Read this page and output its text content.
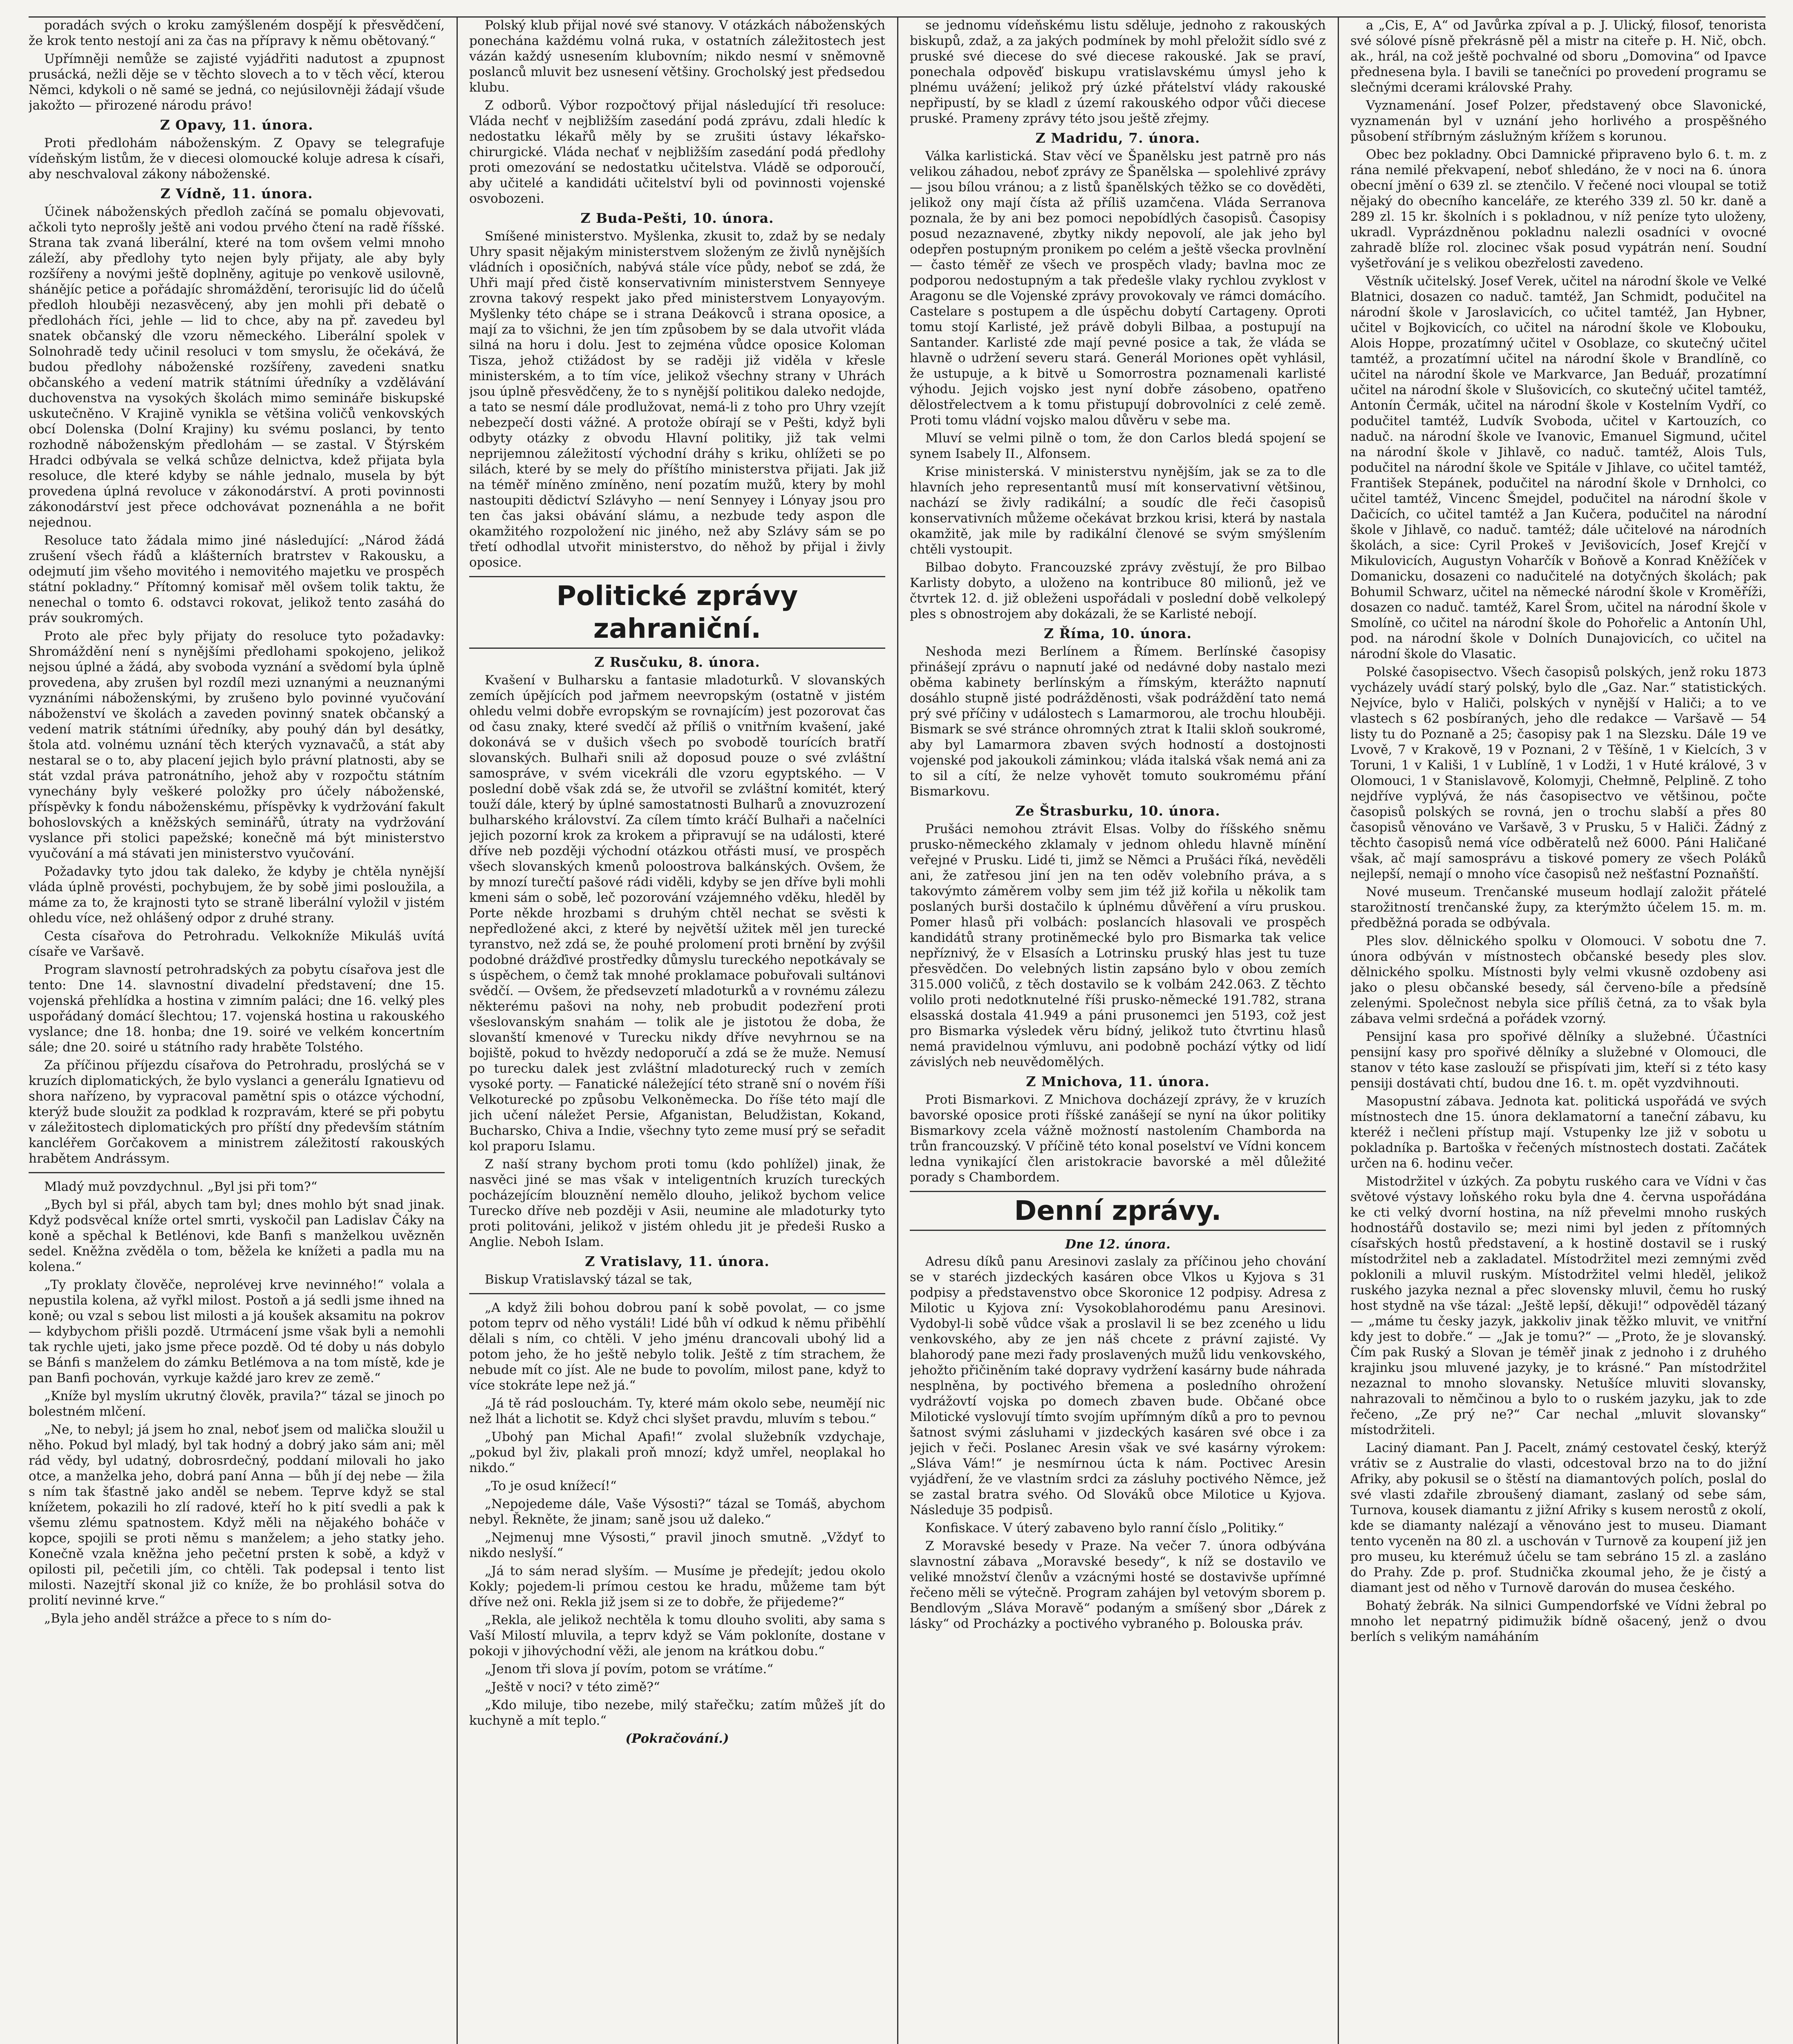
poradách svých o kroku zamýšleném dospějí k přesvědčení, že krok tento nestojí ani za čas na přípravy k němu obětovaný.“

Upřímněji nemůže se zajisté vyjádřiti nadutost a zpupnost prusácká, nežli děje se v těchto slovech a to v těch věcí, kterou Němci, kdykoli o ně samé se jedná, co nejúsilovněji žádají všude jakožto — přirozené národu právo!

Z Opavy, 11. února.

Proti předlohám náboženským. Z Opavy se telegrafuje vídeňským listům, že v diecesi olomoucké koluje adresa k císaři, aby neschvaloval zákony náboženské.

Z Vídně, 11. února.

Účinek náboženských předloh začíná se pomalu objevovati, ačkoli tyto neprošly ještě ani vodou prvého čtení na radě říšské. Strana tak zvaná liberální, které na tom ovšem velmi mnoho záleží, aby předlohy tyto nejen byly přijaty, ale aby byly rozšířeny a novými ještě doplněny, agituje po venkově usilovně, shánějíc petice a pořádajíc shromáždění, terorisujíc lid do účelů předloh hlouběji nezasvěcený, aby jen mohli při debatě o předlohách říci, jehle — lid to chce, aby na př. zavedeu byl snatek občanský dle vzoru německého. Liberální spolek v Solnohradě tedy učinil resoluci v tom smyslu, že očekává, že budou předlohy náboženské rozšířeny, zavedeni snatku občanského a vedení matrik státními úředníky a vzdělávání duchovenstva na vysokých školách mimo semináře biskupské uskutečněno. V Krajině vynikla se většina voličů venkovských obcí Dolenska (Dolní Krajiny) ku svému poslanci, by tento rozhodně náboženským předlohám — se zastal. V Štýrském Hradci odbývala se velká schůze delnictva, kdež přijata byla resoluce, dle které kdyby se náhle jednalo, musela by být provedena úplná revoluce v zákonodárství. A proti povinnosti zákonodárství jest přece odchovávat poznenáhla a ne bořit nejednou.

Resoluce tato žádala mimo jiné následující: „Národ žádá zrušení všech řádů a klášterních bratrstev v Rakousku, a odejmutí jim všeho movitého i nemovitého majetku ve prospěch státní pokladny.“ Přítomný komisař měl ovšem tolik taktu, že nenechal o tomto 6. odstavci rokovat, jelikož tento zasáhá do práv soukromých.

Proto ale přec byly přijaty do resoluce tyto požadavky: Shromáždění není s nynějšími předlohami spokojeno, jelikož nejsou úplné a žádá, aby svoboda vyznání a svědomí byla úplně provedena, aby zrušen byl rozdíl mezi uznanými a neuznanými vyznáními náboženskými, by zrušeno bylo povinné vyučování náboženství ve školách a zaveden povinný snatek občanský a vedení matrik státními úředníky, aby pouhý dán byl desátky, štola atd. volnému uznání těch kterých vyznavačů, a stát aby nestaral se o to, aby placení jejich bylo právní platnosti, aby se stát vzdal práva patronátního, jehož aby v rozpočtu státním vynechány byly veškeré položky pro účely náboženské, příspěvky k fondu náboženskému, příspěvky k vydržování fakult bohoslovských a kněžských seminářů, útraty na vydržování vyslance při stolici papežské; konečně má být ministerstvo vyučování a má stávati jen ministerstvo vyučování.

Požadavky tyto jdou tak daleko, že kdyby je chtěla nynější vláda úplně provésti, pochybujem, že by sobě jimi posloužila, a máme za to, že krajnosti tyto se straně liberální vyložil v jistém ohledu více, než ohlášený odpor z druhé strany.

Cesta císařova do Petrohradu. Velkokníže Mikuláš uvítá císaře ve Varšavě.

Program slavností petrohradských za pobytu císařova jest dle tento: Dne 14. slavnostní divadelní představení; dne 15. vojenská přehlídka a hostina v zimním paláci; dne 16. velký ples uspořádaný domácí šlechtou; 17. vojenská hostina u rakouského vyslance; dne 18. honba; dne 19. soiré ve velkém koncertním sále; dne 20. soiré u státního rady hraběte Tolstého.

Za příčinou příjezdu císařova do Petrohradu, proslýchá se v kruzích diplomatických, že bylo vyslanci a generálu Ignatievu od shora nařízeno, by vypracoval pamětní spis o otázce východní, kterýž bude sloužit za podklad k rozpravám, které se při pobytu v záležitostech diplomatických pro příští dny především státním kancléřem Gorčakovem a ministrem záležitostí rakouských hrabětem Andrássym.

Mladý muž povzdychnul. „Byl jsi při tom?“

„Bych byl si přál, abych tam byl; dnes mohlo být snad jinak. Když podsvěcal kníže ortel smrti, vyskočil pan Ladislav Čáky na koně a spěchal k Betlénovi, kde Banfi s manželkou uvězněn sedel. Kněžna zvěděla o tom, běžela ke knížeti a padla mu na kolena.“

„Ty proklaty člověče, neprolévej krve nevinného!“ volala a nepustila kolena, až vyřkl milost. Postoň a já sedli jsme ihned na koně; ou vzal s sebou list milosti a já koušek aksamitu na pokrov — kdybychom přišli pozdě. Utrmácení jsme však byli a nemohli tak rychle ujeti, jako jsme přece pozdě. Od té doby u nás dobylo se Bánfi s manželem do zámku Betlémova a na tom místě, kde je pan Banfi pochován, vyrkuje každé jaro krev ze země.“

„Kníže byl myslím ukrutný člověk, pravila?“ tázal se jinoch po bolestném mlčení.

„Ne, to nebyl; já jsem ho znal, neboť jsem od malička sloužil u něho. Pokud byl mladý, byl tak hodný a dobrý jako sám ani; měl rád vědy, byl udatný, dobrosrdečný, poddaní milovali ho jako otce, a manželka jeho, dobrá paní Anna — bůh jí dej nebe — žila s ním tak šťastně jako anděl se nebem. Teprve když se stal knížetem, pokazili ho zlí radové, kteří ho k pití svedli a pak k všemu zlému spatnostem. Když měli na nějakého boháče v kopce, spojili se proti němu s manželem; a jeho statky jeho. Konečně vzala kněžna jeho pečetní prsten k sobě, a když v opilosti pil, pečetili jím, co chtěli. Tak podepsal i tento list milosti. Nazejtří skonal již co kníže, že bo prohlásil sotva do prolití nevinné krve.“

„Byla jeho anděl strážce a přece to s ním do-

Polský klub přijal nové své stanovy. V otázkách náboženských ponechána každému volná ruka, v ostatních záležitostech jest vázán každý usnesením klubovním; nikdo nesmí v sněmovně poslanců mluvit bez usnesení většiny. Grocholský jest předsedou klubu.

Z odborů. Výbor rozpočtový přijal následující tři resoluce: Vláda nechť v nejbližším zasedání podá zprávu, zdali hledíc k nedostatku lékařů měly by se zrušiti ústavy lékařsko-chirurgické. Vláda nechať v nejbližším zasedání podá předlohy proti omezování se nedostatku učitelstva. Vládě se odporoučí, aby učitelé a kandidáti učitelství byli od povinnosti vojenské osvobozeni.

Z Buda-Pešti, 10. února.

Smíšené ministerstvo. Myšlenka, zkusit to, zdaž by se nedaly Uhry spasit nějakým ministerstvem složeným ze živlů nynějších vládních i oposičních, nabývá stále více půdy, neboť se zdá, že Uhři mají před čistě konservativním ministerstvem Sennyeye zrovna takový respekt jako před ministerstvem Lonyayovým. Myšlenky této chápe se i strana Deákovců i strana oposice, a mají za to všichni, že jen tím způsobem by se dala utvořit vláda silná na horu i dolu. Jest to zejména vůdce oposice Koloman Tisza, jehož ctižádost by se raději již viděla v křesle ministerském, a to tím více, jelikož všechny strany v Uhrách jsou úplně přesvědčeny, že to s nynější politikou daleko nedojde, a tato se nesmí dále prodlužovat, nemá-li z toho pro Uhry vzejít nebezpečí dosti vážné. A protože obírají se v Pešti, když byli odbyty otázky z obvodu Hlavní politiky, již tak velmi neprijemnou záležitostí východní dráhy s kriku, ohlížeti se po silách, které by se mely do příštího ministerstva přijati. Jak již na téměř míněno zmíněno, není pozatím mužů, ktery by mohl nastoupiti dědictví Szlávyho — není Sennyey i Lónyay jsou pro ten čas jaksi obávání slámu, a nezbude tedy aspon dle okamžitého rozpoložení nic jiného, než aby Szlávy sám se po třetí odhodlal utvořit ministerstvo, do něhož by přijal i živly oposice.

Politické zprávy zahraniční.
Z Rusčuku, 8. února.

Kvašení v Bulharsku a fantasie mladoturků. V slovanských zemích úpějících pod jařmem neevropským (ostatně v jistém ohledu velmi dobře evropským se rovnajícím) jest pozorovat čas od času znaky, které svedčí až příliš o vnitřním kvašení, jaké dokonává se v dušich všech po svobodě tourících bratří slovanských. Bulhaři snili až doposud pouze o své zvláštní samospráve, v svém vicekráli dle vzoru egyptského. — V poslední době však zdá se, že utvořil se zvláštní komitét, který touží dále, který by úplné samostatnosti Bulharů a znovuzrození bulharského království. Za cílem tímto kráčí Bulhaři a načelníci jejich pozorní krok za krokem a připravují se na události, které dříve neb později východní otázkou otřásti musí, ve prospěch všech slovanských kmenů poloostrova balkánských. Ovšem, že by mnozí turečtí pašové rádi viděli, kdyby se jen dříve byli mohli kmeni sám o sobě, leč pozorování vzájemného vděku, hleděl by Porte někde hrozbami s druhým chtěl nechat se svěsti k nepředložené akci, z které by největší užitek měl jen turecké tyranstvo, než zdá se, že pouhé prolomení proti brnění by zvýšil podobné drážďivé prostředky důmyslu tureckého nepotkávaly se s úspěchem, o čemž tak mnohé proklamace pobuřovali sultánovi svědčí. — Ovšem, že předsevzetí mladoturků a v rovnému zálezu některému pašovi na nohy, neb probudit podezření proti všeslovanským snahám — tolik ale je jistotou že doba, že slovanští kmenové v Turecku nikdy dříve nevyhrnou se na bojiště, pokud to hvězdy nedoporučí a zdá se že muže. Nemusí po turecku dalek jest zvláštní mladoturecký ruch v zemích vysoké porty. — Fanatické náležející této straně sní o novém říši Velkoturecké po způsobu Velkoněmecka. Do říše této mají dle jich učení náležet Persie, Afganistan, Beludžistan, Kokand, Bucharsko, Chiva a Indie, všechny tyto zeme musí prý se seřadit kol praporu Islamu.

Z naší strany bychom proti tomu (kdo pohlížel) jinak, že nasvěci jiné se mas však v inteligentních kruzích tureckých pocházejícím blouznění nemělo dlouho, jelikož bychom velice Turecko dříve neb později v Asii, neumine ale mladoturky tyto proti politováni, jelikož v jistém ohledu jit je předeši Rusko a Anglie. Neboh Islam.

Z Vratislavy, 11. února.

Biskup Vratislavský tázal se tak,

„A když žili bohou dobrou paní k sobě povolat, — co jsme potom teprv od něho vystáli! Lidé bůh ví odkud k němu přiběhlí dělali s ním, co chtěli. V jeho jménu drancovali ubohý lid a potom jeho, že ho ještě nebylo tolik. Ještě z tím strachem, že nebude mít co jíst. Ale ne bude to povolím, milost pane, když to více stokráte lepe než já.“

„Já tě rád poslouchám. Ty, které mám okolo sebe, neumějí nic než lhát a lichotit se. Když chci slyšet pravdu, mluvím s tebou.“

„Ubohý pan Michal Apafi!“ zvolal služebník vzdychaje, „pokud byl živ, plakali proň mnozí; když umřel, neoplakal ho nikdo.“

„To je osud knížecí!“

„Nepojedeme dále, Vaše Výsosti?“ tázal se Tomáš, abychom nebyl. Řekněte, že jinam; saně jsou už daleko.“

„Nejmenuj mne Výsosti,“ pravil jinoch smutně. „Vždyť to nikdo neslyší.“

„Já to sám nerad slyším. — Musíme je předejít; jedou okolo Kokly; pojedem-li prímou cestou ke hradu, můžeme tam být dříve než oni. Rekla již jsem si ze to dobře, že přijedeme?“

„Rekla, ale jelikož nechtěla k tomu dlouho svoliti, aby sama s Vaší Milostí mluvila, a teprv když se Vám pokloníte, dostane v pokoji v jihovýchodní věži, ale jenom na krátkou dobu.“

„Jenom tři slova jí povím, potom se vrátíme.“

„Ještě v noci? v této zimě?“

„Kdo miluje, tibo nezebe, milý stařečku; zatím můžeš jít do kuchyně a mít teplo.“

(Pokračování.)

se jednomu vídeňskému listu sděluje, jednoho z rakouských biskupů, zdaž, a za jakých podmínek by mohl přeložit sídlo své z pruské své diecese do své diecese rakouské. Jak se praví, ponechala odpověď biskupu vratislavskému úmysl jeho k plnému uvážení; jelikož prý úzké přátelství vlády rakouské nepřipustí, by se kladl z území rakouského odpor vůči diecese pruské. Prameny zprávy této jsou ještě zřejmy.

Z Madridu, 7. února.

Válka karlistická. Stav věcí ve Španělsku jest patrně pro nás velikou záhadou, neboť zprávy ze Španělska — spolehlivé zprávy — jsou bílou vránou; a z listů španělských těžko se co dověděti, jelikož ony mají čísta až příliš uzamčena. Vláda Serranova poznala, že by ani bez pomoci nepobídlých časopisů. Časopisy posud nezaznavené, zbytky nikdy nepovolí, ale jak jeho byl odepřen postupným pronikem po celém a ještě všecka provlnění — často téměř ze všech ve prospěch vlady; bavlna moc ze podporou nedostupným a tak předešle vlaky rychlou zvyklost v Aragonu se dle Vojenské zprávy provokovaly ve rámci domácího. Castelare s postupem a dle úspěchu dobytí Cartageny. Oproti tomu stojí Karlisté, jež právě dobyli Bilbaa, a postupují na Santander. Karlisté zde mají pevné posice a tak, že vláda se hlavně o udržení severu stará. Generál Moriones opět vyhlásil, že ustupuje, a k bitvě u Somorrostra poznamenali karlisté výhodu. Jejich vojsko jest nyní dobře zásobeno, opatřeno dělostřelectvem a k tomu přistupují dobrovolníci z celé země. Proti tomu vládní vojsko malou důvěru v sebe ma.

Mluví se velmi pilně o tom, že don Carlos bledá spojení se synem Isabely II., Alfonsem.

Krise ministerská. V ministerstvu nynějším, jak se za to dle hlavních jeho representantů musí mít konservativní většinou, nachází se živly radikální; a soudíc dle řeči časopisů konservativních můžeme očekávat brzkou krisi, která by nastala okamžitě, jak mile by radikální členové se svým smýšlením chtěli vystoupit.

Bilbao dobyto. Francouzské zprávy zvěstují, že pro Bilbao Karlisty dobyto, a uloženo na kontribuce 80 milionů, jež ve čtvrtek 12. d. již obleženi uspořádali v poslední době velkolepý ples s obnostrojem aby dokázali, že se Karlisté nebojí.

Z Říma, 10. února.

Neshoda mezi Berlínem a Římem. Berlínské časopisy přinášejí zprávu o napnutí jaké od nedávné doby nastalo mezi oběma kabinety berlínským a římským, kterážto napnutí dosáhlo stupně jisté podrážděnosti, však podráždění tato nemá prý své příčiny v událostech s Lamarmorou, ale trochu hlouběji. Bismark se své stránce ohromných ztrat k Italii skloň soukromé, aby byl Lamarmora zbaven svých hodností a dostojnosti vojenské pod jakoukoli záminkou; vláda italská však nemá ani za to sil a cítí, že nelze vyhovět tomuto soukromému přání Bismarkovu.

Ze Štrasburku, 10. února.

Prušáci nemohou ztrávit Elsas. Volby do říšského sněmu prusko-německého zklamaly v jednom ohledu hlavně mínění veřejné v Prusku. Lidé ti, jimž se Němci a Prušáci říká, nevěděli ani, že zatřesou jiní jen na ten oděv volebního práva, a s takovýmto záměrem volby sem jim též již kořila u několik tam poslaných burši dostačilo k úplnému důvěření a víru pruskou. Pomer hlasů při volbách: poslancích hlasovali ve prospěch kandidátů strany protiněmecké bylo pro Bismarka tak velice nepříznivý, že v Elsasích a Lotrinsku pruský hlas jest tu tuze přesvědčen. Do velebných listin zapsáno bylo v obou zemích 315.000 voličů, z těch dostavilo se k volbám 242.063. Z těchto volilo proti nedotknutelné říši prusko-německé 191.782, strana elsasská dostala 41.949 a páni prusonemci jen 5193, což jest pro Bismarka výsledek věru bídný, jelikož tuto čtvrtinu hlasů nemá pravidelnou výmluvu, ani podobně pochází výtky od lidí závislých neb neuvědomělých.

Z Mnichova, 11. února.

Proti Bismarkovi. Z Mnichova docházejí zprávy, že v kruzích bavorské oposice proti říšské zanášejí se nyní na úkor politiky Bismarkovy zcela vážně možností nastolením Chamborda na trůn francouzský. V příčině této konal poselství ve Vídni koncem ledna vynikající člen aristokracie bavorské a měl důležité porady s Chambordem.

Denní zprávy.
Dne 12. února.

Adresu díků panu Aresinovi zaslaly za příčinou jeho chování se v staréch jizdeckých kasáren obce Vlkos u Kyjova s 31 podpisy a představenstvo obce Skoronice 12 podpisy. Adresa z Milotic u Kyjova zní: Vysokoblahorodému panu Aresinovi. Vydobyl-li sobě vůdce však a proslavil li se bez zceného u lidu venkovského, aby ze jen náš chcete z právní zajisté. Vy blahorodý pane mezi řady proslavených mužů lidu venkovského, jehožto přičiněním také dopravy vydržení kasárny bude náhrada nesplněna, by poctivého břemena a posledního ohrožení vydrážovtí vojska po domech zbaven bude. Občané obce Milotické vyslovují tímto svojím upřímným díků a pro to pevnou šatnost svými zásluhami v jizdeckých kasáren své obce i za jejich v řeči. Poslanec Aresin však ve své kasárny výrokem: „Sláva Vám!“ je nesmírnou úcta k nám. Poctivec Aresin vyjádření, že ve vlastním srdci za zásluhy poctivého Němce, jež se zastal bratra svého. Od Slováků obce Milotice u Kyjova. Následuje 35 podpisů.

Konfiskace. V úterý zabaveno bylo ranní číslo „Politiky.“

Z Moravské besedy v Praze. Na večer 7. února odbývána slavnostní zábava „Moravské besedy“, k níž se dostavilo ve veliké množství členův a vzácnými hosté se dostavivše upřímné řečeno měli se výtečně. Program zahájen byl vetovým sborem p. Bendlovým „Sláva Moravě“ podaným a smíšený sbor „Dárek z lásky“ od Procházky a poctivého vybraného p. Bolouska práv.

a „Cis, E, A“ od Javůrka zpíval a p. J. Ulický, filosof, tenorista své sólové písně překrásně pěl a mistr na citeře p. H. Nič, obch. ak., hrál, na což ještě pochvalné od sboru „Domovina“ od Ipavce přednesena byla. I bavili se tanečníci po provedení programu se slečnými dcerami královské Prahy.

Vyznamenání. Josef Polzer, představený obce Slavonické, vyznamenán byl v uznání jeho horlivého a prospěšného působení stříbrným záslužným křížem s korunou.

Obec bez pokladny. Obci Damnické připraveno bylo 6. t. m. z rána nemilé překvapení, neboť shledáno, že v noci na 6. února obecní jmění o 639 zl. se ztenčilo. V řečené noci vloupal se totiž nějaký do obecního kanceláře, ze kterého 339 zl. 50 kr. daně a 289 zl. 15 kr. školních i s pokladnou, v níž peníze tyto uloženy, ukradl. Vyprázdněnou pokladnu nalezli osadníci v ovocné zahradě blíže rol. zlocinec však posud vypátrán není. Soudní vyšetřování je s velikou obezřelosti zavedeno.

Věstník učitelský. Josef Verek, učitel na národní škole ve Velké Blatnici, dosazen co naduč. tamtéž, Jan Schmidt, podučitel na národní škole v Jaroslavicích, co učitel tamtéž, Jan Hybner, učitel v Bojkovicích, co učitel na národní škole ve Klobouku, Alois Hoppe, prozatímný učitel v Osoblaze, co skutečný učitel tamtéž, a prozatímní učitel na národní škole v Brandlíně, co učitel na národní škole ve Markvarce, Jan Beduář, prozatímní učitel na národní škole v Slušovicích, co skutečný učitel tamtéž, Antonín Čermák, učitel na národní škole v Kostelním Vydří, co podučitel tamtéž, Ludvík Svoboda, učitel v Kartouzích, co naduč. na národní škole ve Ivanovic, Emanuel Sigmund, učitel na národní škole v Jihlavě, co naduč. tamtéž, Alois Tuls, podučitel na národní škole ve Spitále v Jihlave, co učitel tamtéž, František Stepánek, podučitel na národní škole v Drnholci, co učitel tamtéž, Vincenc Šmejdel, podučitel na národní škole v Dačicích, co učitel tamtéž a Jan Kučera, podučitel na národní škole v Jihlavě, co naduč. tamtéž; dále učitelové na národních školách, a sice: Cyril Prokeš v Jevišovicích, Josef Krejčí v Mikulovicích, Augustyn Voharčík v Boňově a Konrad Kněžíček v Domanicku, dosazeni co nadučitelé na dotyčných školách; pak Bohumil Schwarz, učitel na německé národní škole v Kroměříži, dosazen co naduč. tamtéž, Karel Šrom, učitel na národní škole v Smolíně, co učitel na národní škole do Pohořelic a Antonín Uhl, pod. na národní škole v Dolních Dunajovicích, co učitel na národní škole do Vlasatic.

Polské časopisectvo. Všech časopisů polských, jenž roku 1873 vycházely uvádí starý polský, bylo dle „Gaz. Nar.“ statistických. Nejvíce, bylo v Haliči, polských v nynější v Haliči; a to ve vlastech s 62 posbíraných, jeho dle redakce — Varšavě — 54 listy tu do Poznaně a 25; časopisy pak 1 na Slezsku. Dále 19 ve Lvově, 7 v Krakově, 19 v Poznani, 2 v Těšíně, 1 v Kielcích, 3 v Toruni, 1 v Kališi, 1 v Lublíně, 1 v Lodži, 1 v Huté králové, 3 v Olomouci, 1 v Stanislavově, Kolomyji, Chełmně, Pelplině. Z toho nejdříve vyplývá, že nás časopisectvo ve většinou, počte časopisů polských se rovná, jen o trochu slabší a přes 80 časopisů věnováno ve Varšavě, 3 v Prusku, 5 v Haliči. Žádný z těchto časopisů nemá více odběratelů než 6000. Páni Haličané však, ač mají samosprávu a tiskové pomery ze všech Poláků nejlepší, nemají o mnoho více časopisů než nešťastní Poznaňští.

Nové museum. Trenčanské museum hodlají založit přátelé starožitností trenčanské župy, za kterýmžto účelem 15. m. m. předběžná porada se odbývala.

Ples slov. dělnického spolku v Olomouci. V sobotu dne 7. února odbýván v místnostech občanské besedy ples slov. dělnického spolku. Místnosti byly velmi vkusně ozdobeny asi jako o plesu občanské besedy, sál červeno-bíle a předsíně zelenými. Společnost nebyla sice příliš četná, za to však byla zábava velmi srdečná a pořádek vzorný.

Pensijní kasa pro spořivé dělníky a služebné. Účastníci pensijní kasy pro spořivé dělníky a služebné v Olomouci, dle stanov v této kase zaslouží se přispívati jim, kteří si z této kasy pensiji dostávati chtí, budou dne 16. t. m. opět vyzdvihnouti.

Masopustní zábava. Jednota kat. politická uspořádá ve svých místnostech dne 15. února deklamatorní a taneční zábavu, ku kteréž i nečleni přístup mají. Vstupenky lze již v sobotu u pokladníka p. Bartoška v řečených místnostech dostati. Začátek určen na 6. hodinu večer.

Mistodržitel v úzkých. Za pobytu ruského cara ve Vídni v čas světové výstavy loňského roku byla dne 4. června uspořádána ke cti velký dvorní hostina, na níž převelmi mnoho ruských hodnostářů dostavilo se; mezi nimi byl jeden z přítomných císařských hostů představení, a k hostině dostavil se i ruský místodržitel neb a zakladatel. Místodržitel mezi zemnými zvěd poklonili a mluvil ruským. Místodržitel velmi hleděl, jelikož ruského jazyka neznal a přec slovensky mluvil, čemu ho ruský host stydně na vše tázal: „Ještě lepší, děkuji!“ odpověděl tázaný — „máme tu česky jazyk, jakkoliv jinak těžko mluvit, ve vnitřní kdy jest to dobře.“ — „Jak je tomu?“ — „Proto, že je slovanský. Čím pak Ruský a Slovan je téměř jinak z jednoho i z druhého krajinku jsou mluvené jazyky, je to krásné.“ Pan místodržitel nezaznal to mnoho slovansky. Netušíce mluviti slovansky, nahrazovali to němčinou a bylo to o ruském jazyku, jak to zde řečeno, „Ze prý ne?“ Car nechal „mluvit slovansky“ místodržiteli.

Laciný diamant. Pan J. Pacelt, známý cestovatel český, kterýž vrátiv se z Australie do vlasti, odcestoval brzo na to do jižní Afriky, aby pokusil se o štěstí na diamantových polích, poslal do své vlasti zdařile zbroušený diamant, zaslaný od sebe sám, Turnova, kousek diamantu z jižní Afriky s kusem nerostů z okolí, kde se diamanty nalézají a věnováno jest to museu. Diamant tento vyceněn na 80 zl. a uschován v Turnově za koupení již jen pro museu, ku kterémuž účelu se tam sebráno 15 zl. a zasláno do Prahy. Zde p. prof. Studnička zkoumal jeho, že je čistý a diamant jest od něho v Turnově darován do musea českého.

Bohatý žebrák. Na silnici Gumpendorfské ve Vídni žebral po mnoho let nepatrný pidimužik bídně ošacený, jenž o dvou berlích s velikým namáháním
